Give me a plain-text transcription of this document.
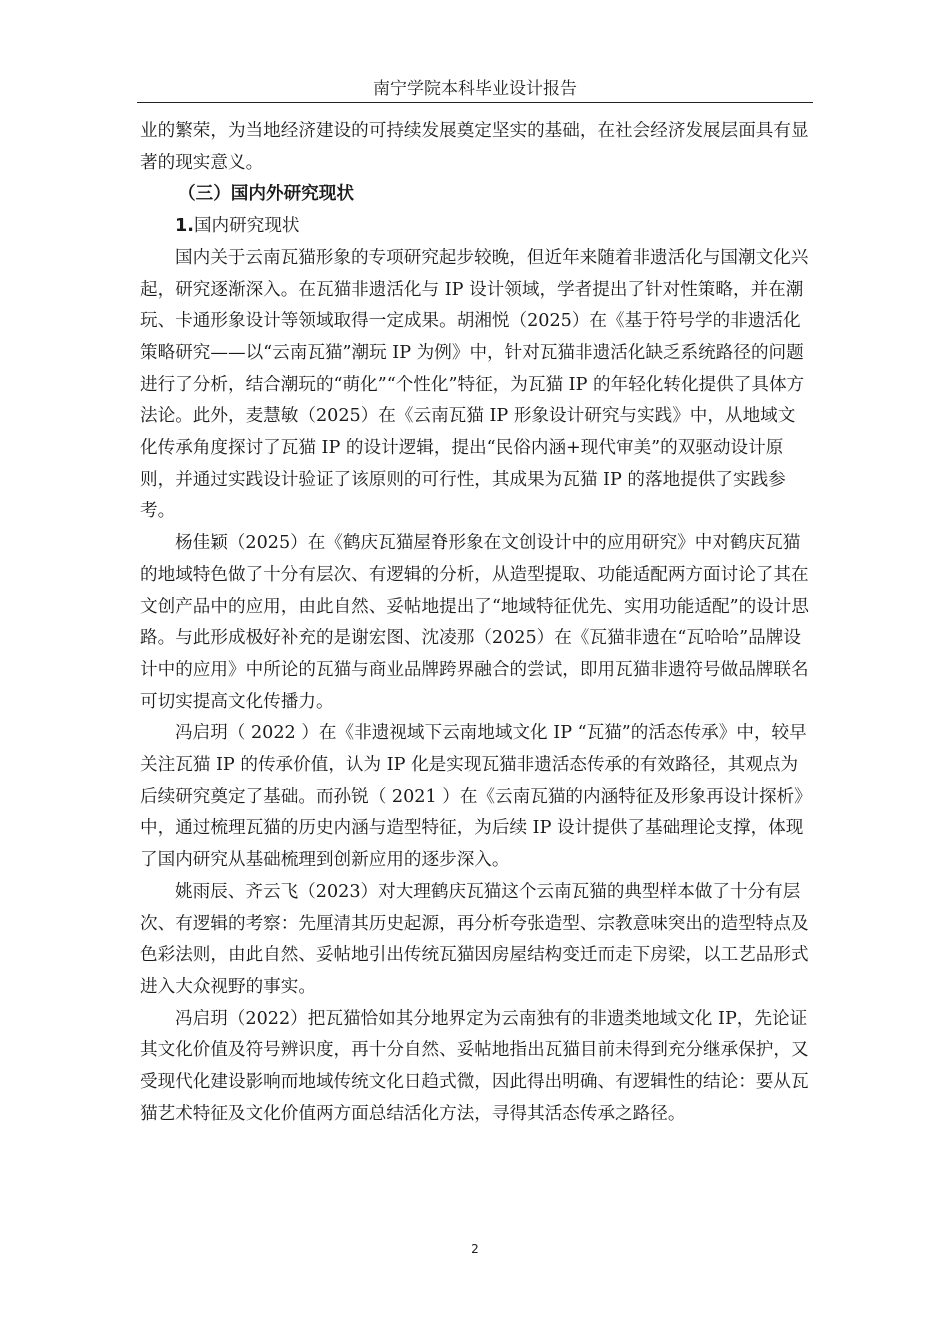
南宁学院本科毕业设计报告

业的繁荣，为当地经济建设的可持续发展奠定坚实的基础，在社会经济发展层面具有显著的现实意义。

（三）国内外研究现状

1.国内研究现状

国内关于云南瓦猫形象的专项研究起步较晚，但近年来随着非遗活化与国潮文化兴起，研究逐渐深入。在瓦猫非遗活化与 IP 设计领域，学者提出了针对性策略，并在潮玩、卡通形象设计等领域取得一定成果。胡湘悦（2025）在《基于符号学的非遗活化策略研究——以“云南瓦猫”潮玩 IP 为例》中，针对瓦猫非遗活化缺乏系统路径的问题进行了分析，结合潮玩的“萌化”“个性化”特征，为瓦猫 IP 的年轻化转化提供了具体方法论。此外，麦慧敏（2025）在《云南瓦猫 IP 形象设计研究与实践》中，从地域文化传承角度探讨了瓦猫 IP 的设计逻辑，提出“民俗内涵+现代审美”的双驱动设计原则，并通过实践设计验证了该原则的可行性，其成果为瓦猫 IP 的落地提供了实践参考。

杨佳颖（2025）在《鹤庆瓦猫屋脊形象在文创设计中的应用研究》中对鹤庆瓦猫的地域特色做了十分有层次、有逻辑的分析，从造型提取、功能适配两方面讨论了其在文创产品中的应用，由此自然、妥帖地提出了“地域特征优先、实用功能适配”的设计思路。与此形成极好补充的是谢宏图、沈凌那（2025）在《瓦猫非遗在“瓦哈哈”品牌设计中的应用》中所论的瓦猫与商业品牌跨界融合的尝试，即用瓦猫非遗符号做品牌联名可切实提高文化传播力。

冯启玥（ 2022 ）在《非遗视域下云南地域文化 IP “瓦猫”的活态传承》中，较早关注瓦猫 IP 的传承价值，认为 IP 化是实现瓦猫非遗活态传承的有效路径，其观点为后续研究奠定了基础。而孙锐（ 2021 ）在《云南瓦猫的内涵特征及形象再设计探析》中，通过梳理瓦猫的历史内涵与造型特征，为后续 IP 设计提供了基础理论支撑，体现了国内研究从基础梳理到创新应用的逐步深入。

姚雨辰、齐云飞（2023）对大理鹤庆瓦猫这个云南瓦猫的典型样本做了十分有层次、有逻辑的考察：先厘清其历史起源，再分析夸张造型、宗教意味突出的造型特点及色彩法则，由此自然、妥帖地引出传统瓦猫因房屋结构变迁而走下房梁，以工艺品形式进入大众视野的事实。

冯启玥（2022）把瓦猫恰如其分地界定为云南独有的非遗类地域文化 IP，先论证其文化价值及符号辨识度，再十分自然、妥帖地指出瓦猫目前未得到充分继承保护，又受现代化建设影响而地域传统文化日趋式微，因此得出明确、有逻辑性的结论：要从瓦猫艺术特征及文化价值两方面总结活化方法，寻得其活态传承之路径。

2
